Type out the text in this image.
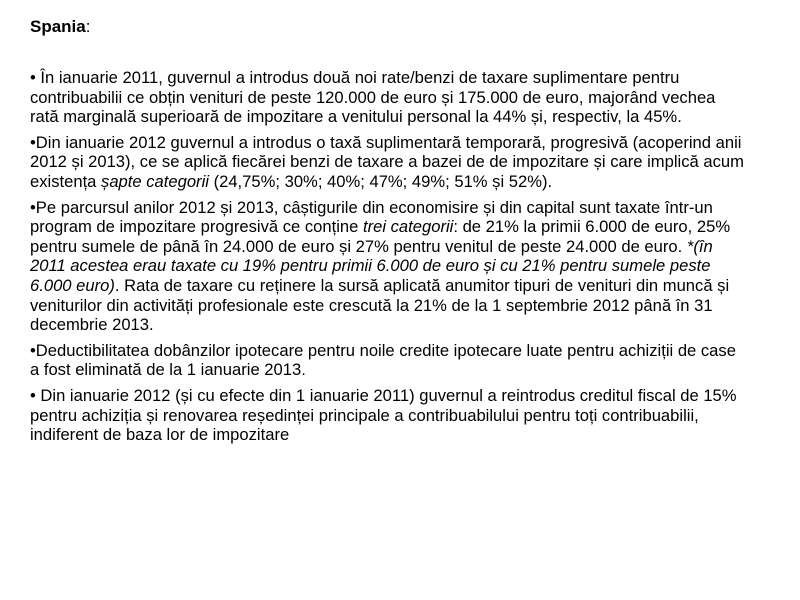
Spania:

• În ianuarie 2011, guvernul a introdus două noi rate/benzi de taxare suplimentare pentru contribuabilii ce obțin venituri de peste 120.000 de euro și 175.000 de euro, majorând vechea rată marginală superioară de impozitare a venitului personal la 44% și, respectiv, la 45%.

•Din ianuarie 2012 guvernul a introdus o taxă suplimentară temporară, progresivă (acoperind anii 2012 și 2013), ce se aplică fiecărei benzi de taxare a bazei de de impozitare și care implică acum existența șapte categorii (24,75%; 30%; 40%; 47%; 49%; 51% și 52%).

•Pe parcursul anilor 2012 și 2013, câștigurile din economisire și din capital sunt taxate într-un program de impozitare progresivă ce conține trei categorii: de 21% la primii 6.000 de euro, 25% pentru sumele de până în 24.000 de euro și 27% pentru venitul de peste 24.000 de euro. *(în 2011 acestea erau taxate cu 19% pentru primii 6.000 de euro și cu 21% pentru sumele peste 6.000 euro). Rata de taxare cu reținere la sursă aplicată anumitor tipuri de venituri din muncă și veniturilor din activități profesionale este crescută la 21% de la 1 septembrie 2012 până în 31 decembrie 2013.

•Deductibilitatea dobânzilor ipotecare pentru noile credite ipotecare luate pentru achiziții de case a fost eliminată de la 1 ianuarie 2013.

• Din ianuarie 2012 (și cu efecte din 1 ianuarie 2011) guvernul a reintrodus creditul fiscal de 15% pentru achiziția și renovarea reședinței principale a contribuabilului pentru toți contribuabilii, indiferent de baza lor de impozitare
